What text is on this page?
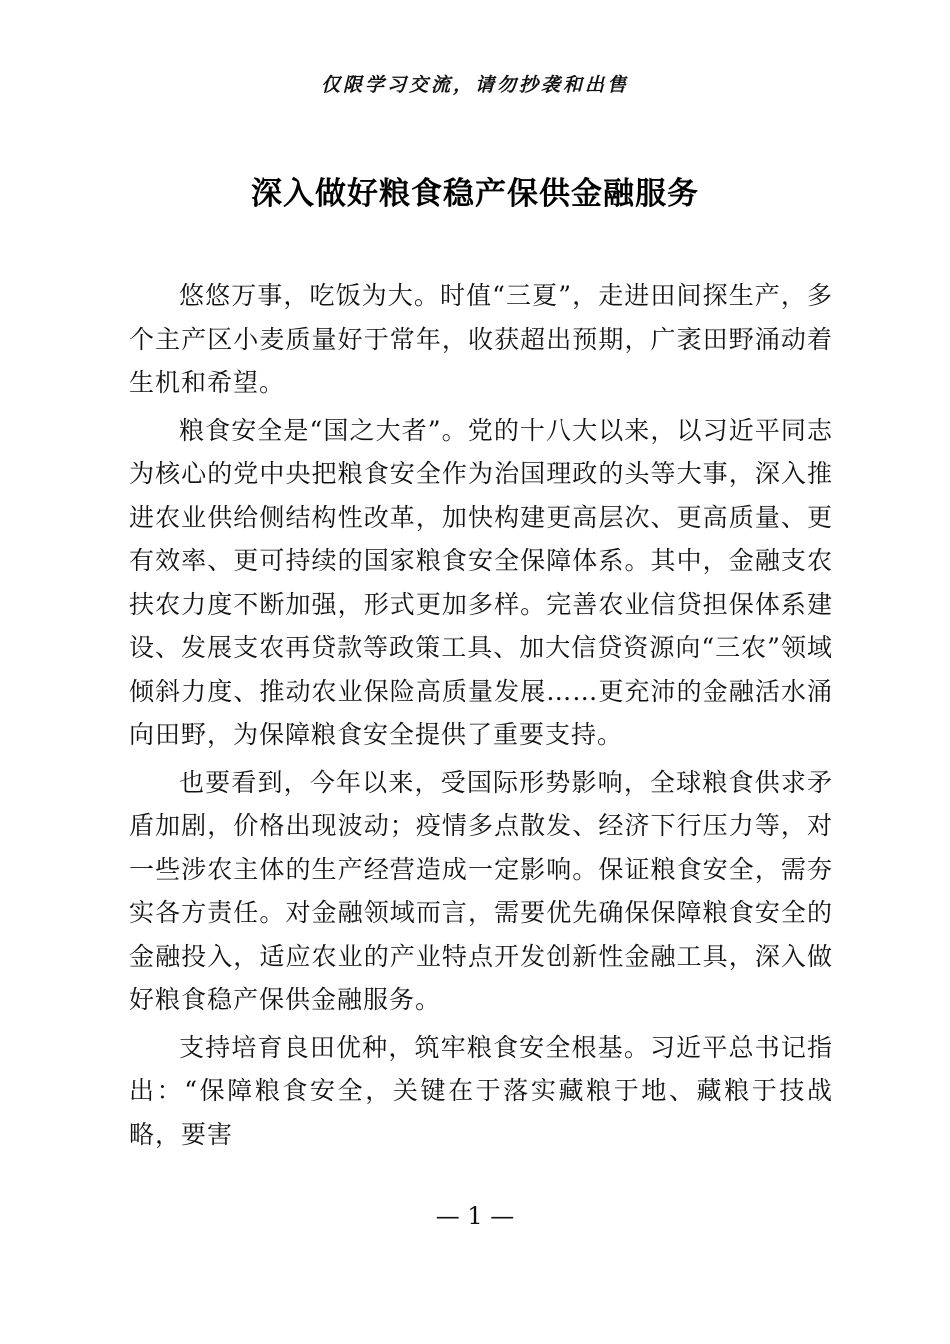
仅限学习交流，请勿抄袭和出售
深入做好粮食稳产保供金融服务

悠悠万事，吃饭为大。时值“三夏”，走进田间探生产，多个主产区小麦质量好于常年，收获超出预期，广袤田野涌动着生机和希望。

粮食安全是“国之大者”。党的十八大以来，以习近平同志为核心的党中央把粮食安全作为治国理政的头等大事，深入推进农业供给侧结构性改革，加快构建更高层次、更高质量、更有效率、更可持续的国家粮食安全保障体系。其中，金融支农扶农力度不断加强，形式更加多样。完善农业信贷担保体系建设、发展支农再贷款等政策工具、加大信贷资源向“三农”领域倾斜力度、推动农业保险高质量发展……更充沛的金融活水涌向田野，为保障粮食安全提供了重要支持。

也要看到，今年以来，受国际形势影响，全球粮食供求矛盾加剧，价格出现波动；疫情多点散发、经济下行压力等，对一些涉农主体的生产经营造成一定影响。保证粮食安全，需夯实各方责任。对金融领域而言，需要优先确保保障粮食安全的金融投入，适应农业的产业特点开发创新性金融工具，深入做好粮食稳产保供金融服务。

支持培育良田优种，筑牢粮食安全根基。习近平总书记指出：“保障粮食安全，关键在于落实藏粮于地、藏粮于技战略，要害

— 1 —
